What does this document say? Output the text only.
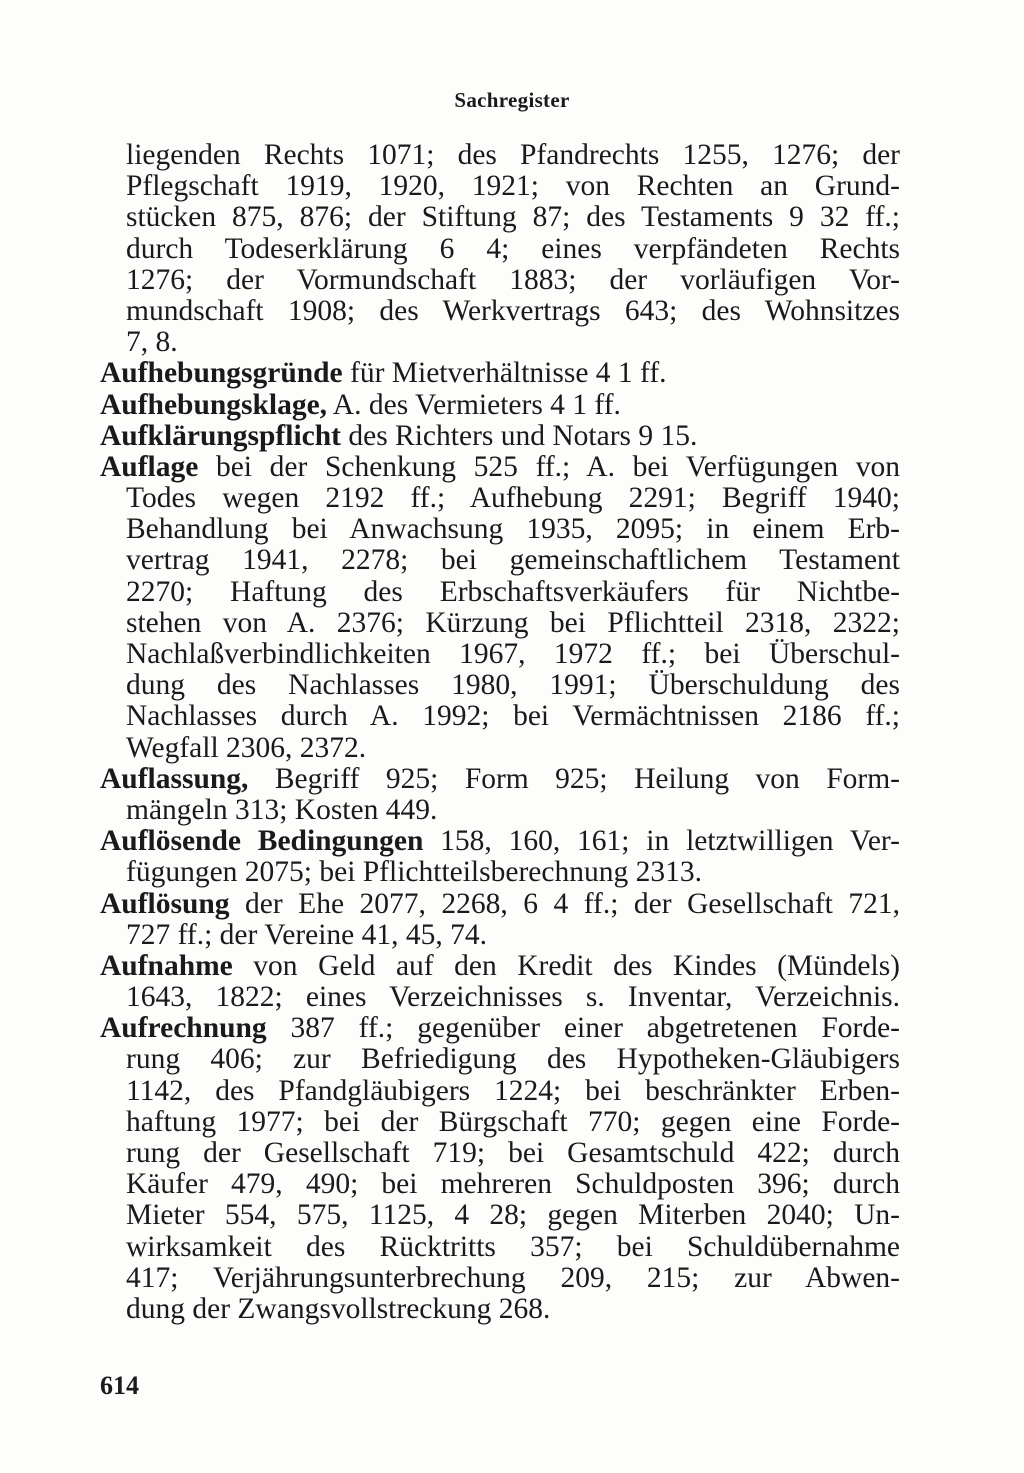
Sachregister
liegenden Rechts 1071; des Pfandrechts 1255, 1276; der
Pflegschaft 1919, 1920, 1921; von Rechten an Grund-
stücken 875, 876; der Stiftung 87; des Testaments 9 32 ff.;
durch Todeserklärung 6 4; eines verpfändeten Rechts
1276; der Vormundschaft 1883; der vorläufigen Vor-
mundschaft 1908; des Werkvertrags 643; des Wohnsitzes
7, 8.
Aufhebungsgründe für Mietverhältnisse 4 1 ff.
Aufhebungsklage, A. des Vermieters 4 1 ff.
Aufklärungspflicht des Richters und Notars 9 15.
Auflage bei der Schenkung 525 ff.; A. bei Verfügungen von
Todes wegen 2192 ff.; Aufhebung 2291; Begriff 1940;
Behandlung bei Anwachsung 1935, 2095; in einem Erb-
vertrag 1941, 2278; bei gemeinschaftlichem Testament
2270; Haftung des Erbschaftsverkäufers für Nichtbe-
stehen von A. 2376; Kürzung bei Pflichtteil 2318, 2322;
Nachlaßverbindlichkeiten 1967, 1972 ff.; bei Überschul-
dung des Nachlasses 1980, 1991; Überschuldung des
Nachlasses durch A. 1992; bei Vermächtnissen 2186 ff.;
Wegfall 2306, 2372.
Auflassung, Begriff 925; Form 925; Heilung von Form-
mängeln 313; Kosten 449.
Auflösende Bedingungen 158, 160, 161; in letztwilligen Ver-
fügungen 2075; bei Pflichtteilsberechnung 2313.
Auflösung der Ehe 2077, 2268, 6 4 ff.; der Gesellschaft 721,
727 ff.; der Vereine 41, 45, 74.
Aufnahme von Geld auf den Kredit des Kindes (Mündels)
1643, 1822; eines Verzeichnisses s. Inventar, Verzeichnis.
Aufrechnung 387 ff.; gegenüber einer abgetretenen Forde-
rung 406; zur Befriedigung des Hypotheken-Gläubigers
1142, des Pfandgläubigers 1224; bei beschränkter Erben-
haftung 1977; bei der Bürgschaft 770; gegen eine Forde-
rung der Gesellschaft 719; bei Gesamtschuld 422; durch
Käufer 479, 490; bei mehreren Schuldposten 396; durch
Mieter 554, 575, 1125, 4 28; gegen Miterben 2040; Un-
wirksamkeit des Rücktritts 357; bei Schuldübernahme
417; Verjährungsunterbrechung 209, 215; zur Abwen-
dung der Zwangsvollstreckung 268.
614
